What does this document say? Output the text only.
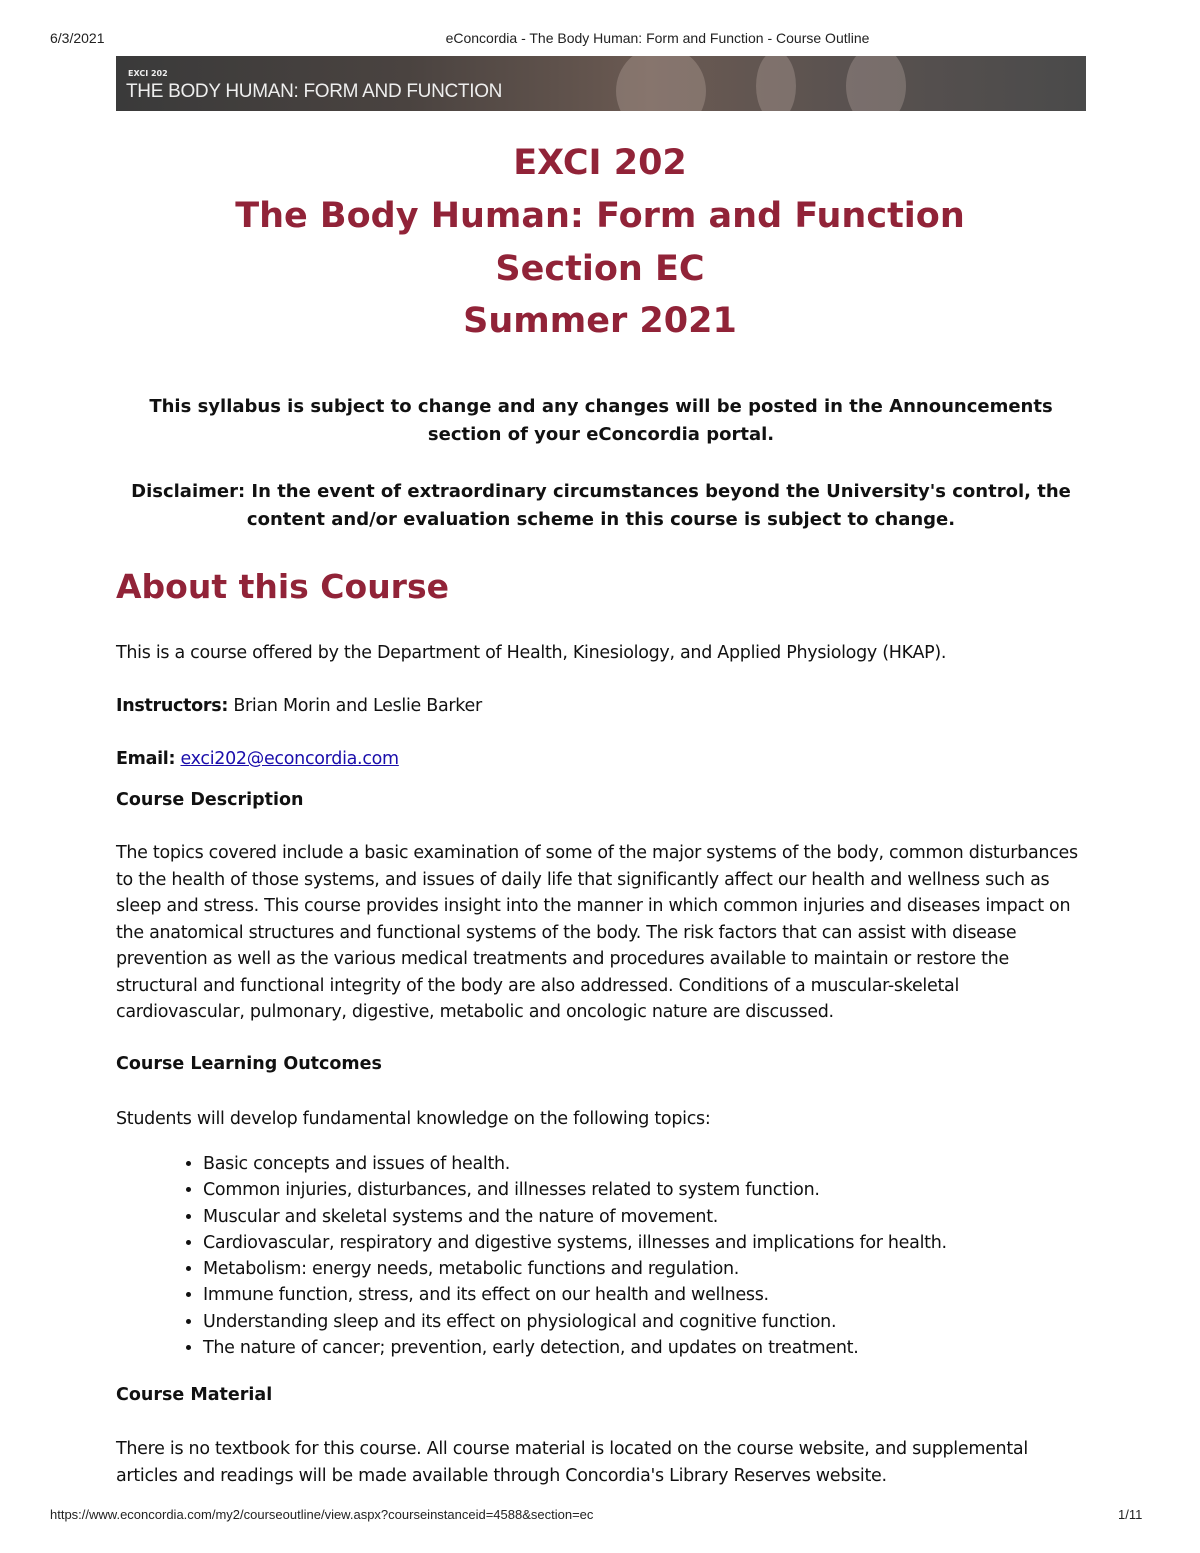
6/3/2021	eConcordia - The Body Human: Form and Function - Course Outline
EXCI 202
THE BODY HUMAN: FORM AND FUNCTION
EXCI 202
The Body Human: Form and Function
Section EC
Summer 2021
This syllabus is subject to change and any changes will be posted in the Announcements section of your eConcordia portal.
Disclaimer: In the event of extraordinary circumstances beyond the University's control, the content and/or evaluation scheme in this course is subject to change.
About this Course
This is a course offered by the Department of Health, Kinesiology, and Applied Physiology (HKAP).
Instructors: Brian Morin and Leslie Barker
Email: exci202@econcordia.com
Course Description
The topics covered include a basic examination of some of the major systems of the body, common disturbances to the health of those systems, and issues of daily life that significantly affect our health and wellness such as sleep and stress. This course provides insight into the manner in which common injuries and diseases impact on the anatomical structures and functional systems of the body. The risk factors that can assist with disease prevention as well as the various medical treatments and procedures available to maintain or restore the structural and functional integrity of the body are also addressed. Conditions of a muscular-skeletal cardiovascular, pulmonary, digestive, metabolic and oncologic nature are discussed.
Course Learning Outcomes
Students will develop fundamental knowledge on the following topics:
• Basic concepts and issues of health.
• Common injuries, disturbances, and illnesses related to system function.
• Muscular and skeletal systems and the nature of movement.
• Cardiovascular, respiratory and digestive systems, illnesses and implications for health.
• Metabolism: energy needs, metabolic functions and regulation.
• Immune function, stress, and its effect on our health and wellness.
• Understanding sleep and its effect on physiological and cognitive function.
• The nature of cancer; prevention, early detection, and updates on treatment.
Course Material
There is no textbook for this course. All course material is located on the course website, and supplemental articles and readings will be made available through Concordia's Library Reserves website.
https://www.econcordia.com/my2/courseoutline/view.aspx?courseinstanceid=4588&section=ec	1/11
